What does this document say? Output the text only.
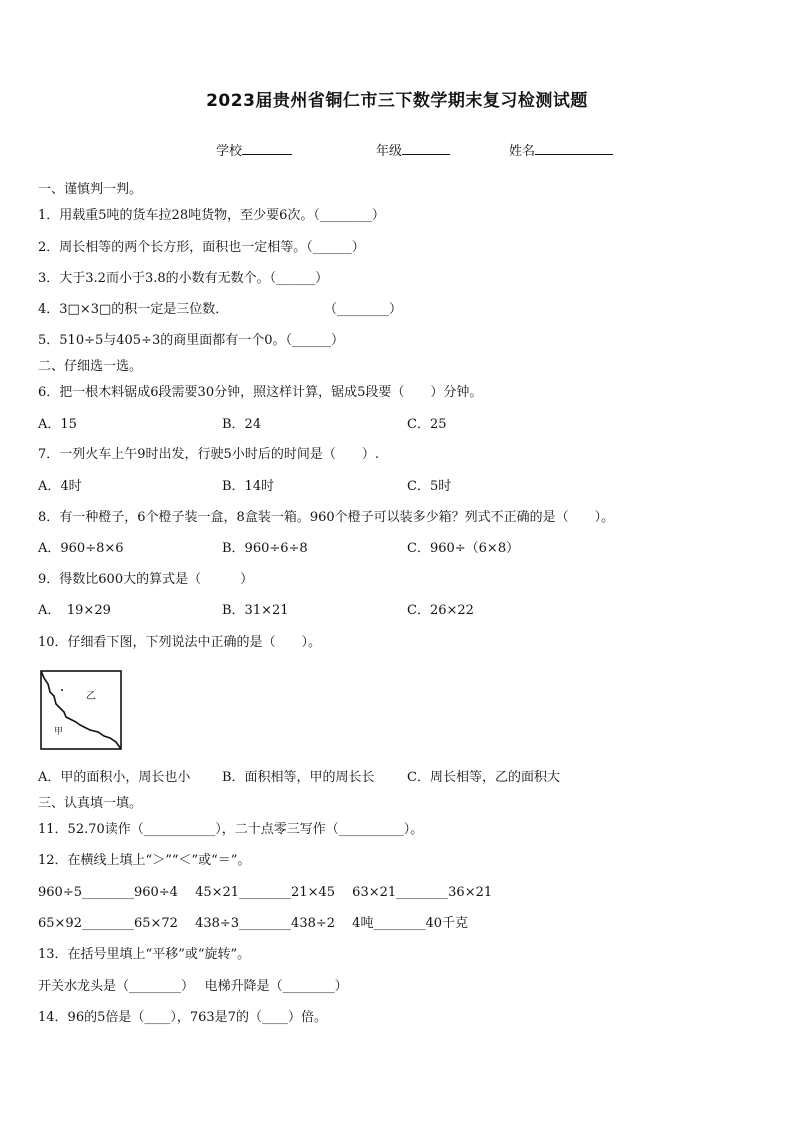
2023届贵州省铜仁市三下数学期末复习检测试题
学校	年级	姓名
一、谨慎判一判。
1．用载重5吨的货车拉28吨货物，至少要6次。（________）
2．周长相等的两个长方形，面积也一定相等。（______）
3．大于3.2而小于3.8的小数有无数个。（______）
4．3□×3□的积一定是三位数．	（________）
5．510÷5与405÷3的商里面都有一个0。（______）
二、仔细选一选。
6．把一根木料锯成6段需要30分钟，照这样计算，锯成5段要（　　）分钟。
A．15	B．24	C．25
7．一列火车上午9时出发，行驶5小时后的时间是（　　）.
A．4时	B．14时	C．5时
8．有一种橙子，6个橙子装一盒，8盒装一箱。960个橙子可以装多少箱？列式不正确的是（　　）。
A．960÷8×6	B．960÷6÷8	C．960÷（6×8）
9．得数比600大的算式是（　　　）
A．　19×29	B．31×21	C．26×22
10．仔细看下图，下列说法中正确的是（　　）。
乙
甲
A．甲的面积小，周长也小 B．面积相等，甲的周长长 C．周长相等，乙的面积大
三、认真填一填。
11．52.70读作（___________），二十点零三写作（__________）。
12．在横线上填上“＞”“＜”或“＝”。
960÷5________960÷4　 45×21________21×45　 63×21________36×21
65×92________65×72　 438÷3________438÷2　 4吨________40千克
13．在括号里填上“平移”或“旋转”。
开关水龙头是（________）　 电梯升降是（________）
14．96的5倍是（____），763是7的（____）倍。
